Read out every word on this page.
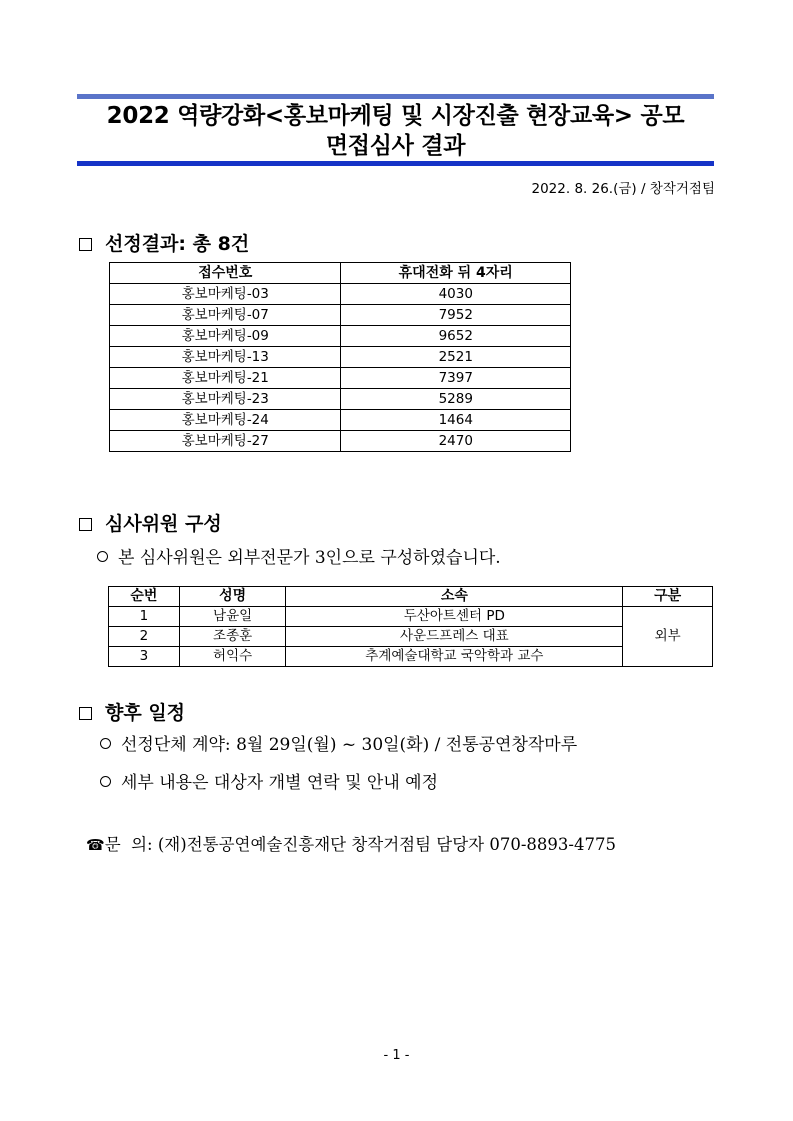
2022 역량강화<홍보마케팅 및 시장진출 현장교육> 공모
면접심사 결과
2022. 8. 26.(금) / 창작거점팀
선정결과: 총 8건
접수번호	휴대전화 뒤 4자리
홍보마케팅-03	4030
홍보마케팅-07	7952
홍보마케팅-09	9652
홍보마케팅-13	2521
홍보마케팅-21	7397
홍보마케팅-23	5289
홍보마케팅-24	1464
홍보마케팅-27	2470
심사위원 구성
본 심사위원은 외부전문가 3인으로 구성하였습니다.
순번	성명	소속	구분
1	남윤일	두산아트센터 PD	외부
2	조종훈	사운드프레스 대표	
3	허익수	추계예술대학교 국악학과 교수	
향후 일정
선정단체 계약: 8월 29일(월) ~ 30일(화) / 전통공연창작마루
세부 내용은 대상자 개별 연락 및 안내 예정
☎문  의: (재)전통공연예술진흥재단 창작거점팀 담당자 070-8893-4775
- 1 -
